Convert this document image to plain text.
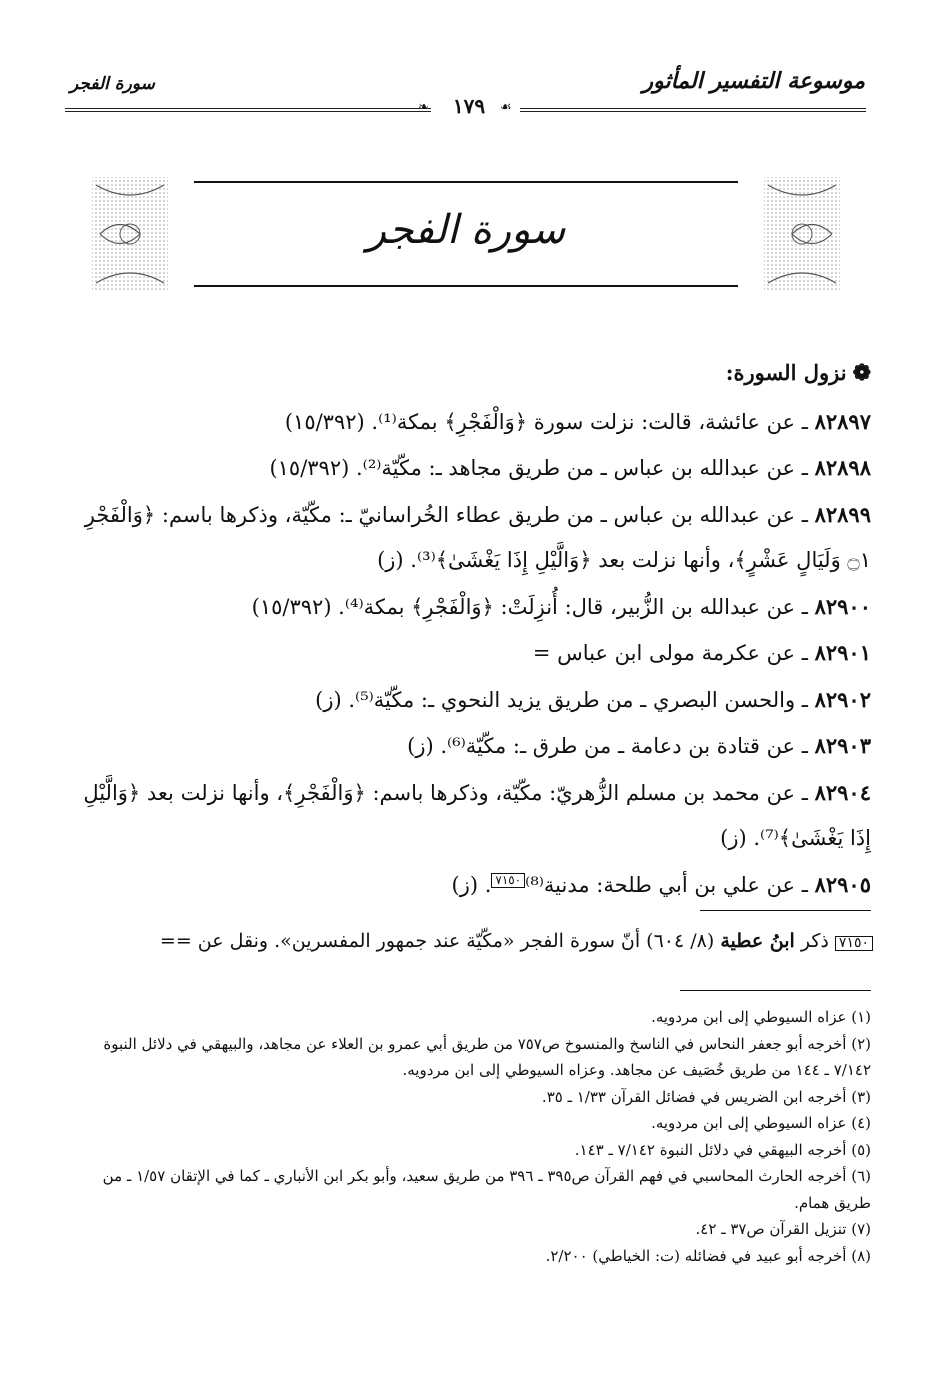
موسوعة التفسير المأثور
سورة الفجر
❧	١٧٩	☙
سورة الفجر
❁نزول السورة:

٨٢٨٩٧ ـ عن عائشة، قالت: نزلت سورة ﴿وَالْفَجْرِ﴾ بمكة⁽¹⁾. (١٥/٣٩٢)

٨٢٨٩٨ ـ عن عبدالله بن عباس ـ من طريق مجاهد ـ: مكّيّة⁽²⁾. (١٥/٣٩٢)

٨٢٨٩٩ ـ عن عبدالله بن عباس ـ من طريق عطاء الخُراسانيّ ـ: مكّيّة، وذكرها باسم: ﴿وَالْفَجْرِ ۝١ وَلَيَالٍ عَشْرٍ﴾، وأنها نزلت بعد ﴿وَالَّيْلِ إِذَا يَغْشَىٰ﴾⁽³⁾. (ز)

٨٢٩٠٠ ـ عن عبدالله بن الزُّبير، قال: أُنزِلَتْ: ﴿وَالْفَجْرِ﴾ بمكة⁽⁴⁾. (١٥/٣٩٢)

٨٢٩٠١ ـ عن عكرمة مولى ابن عباس =

٨٢٩٠٢ ـ والحسن البصري ـ من طريق يزيد النحوي ـ: مكّيّة⁽⁵⁾. (ز)

٨٢٩٠٣ ـ عن قتادة بن دعامة ـ من طرق ـ: مكّيّة⁽⁶⁾. (ز)

٨٢٩٠٤ ـ عن محمد بن مسلم الزُّهريّ: مكّيّة، وذكرها باسم: ﴿وَالْفَجْرِ﴾، وأنها نزلت بعد ﴿وَالَّيْلِ إِذَا يَغْشَىٰ﴾⁽⁷⁾. (ز)

٨٢٩٠٥ ـ عن علي بن أبي طلحة: مدنية⁽⁸⁾٧١٥٠. (ز)

٧١٥٠ ذكر ابنُ عطية (٨/ ٦٠٤) أنّ سورة الفجر «مكّيّة عند جمهور المفسرين». ونقل عن ==

(١) عزاه السيوطي إلى ابن مردويه.

(٢) أخرجه أبو جعفر النحاس في الناسخ والمنسوخ ص٧٥٧ من طريق أبي عمرو بن العلاء عن مجاهد، والبيهقي في دلائل النبوة ٧/١٤٢ ـ ١٤٤ من طريق خُصَيف عن مجاهد. وعزاه السيوطي إلى ابن مردويه.

(٣) أخرجه ابن الضريس في فضائل القرآن ١/٣٣ ـ ٣٥.

(٤) عزاه السيوطي إلى ابن مردويه.

(٥) أخرجه البيهقي في دلائل النبوة ٧/١٤٢ ـ ١٤٣.

(٦) أخرجه الحارث المحاسبي في فهم القرآن ص٣٩٥ ـ ٣٩٦ من طريق سعيد، وأبو بكر ابن الأنباري ـ كما في الإتقان ١/٥٧ ـ من طريق همام.

(٧) تنزيل القرآن ص٣٧ ـ ٤٢.

(٨) أخرجه أبو عبيد في فضائله (ت: الخياطي) ٢/٢٠٠.
